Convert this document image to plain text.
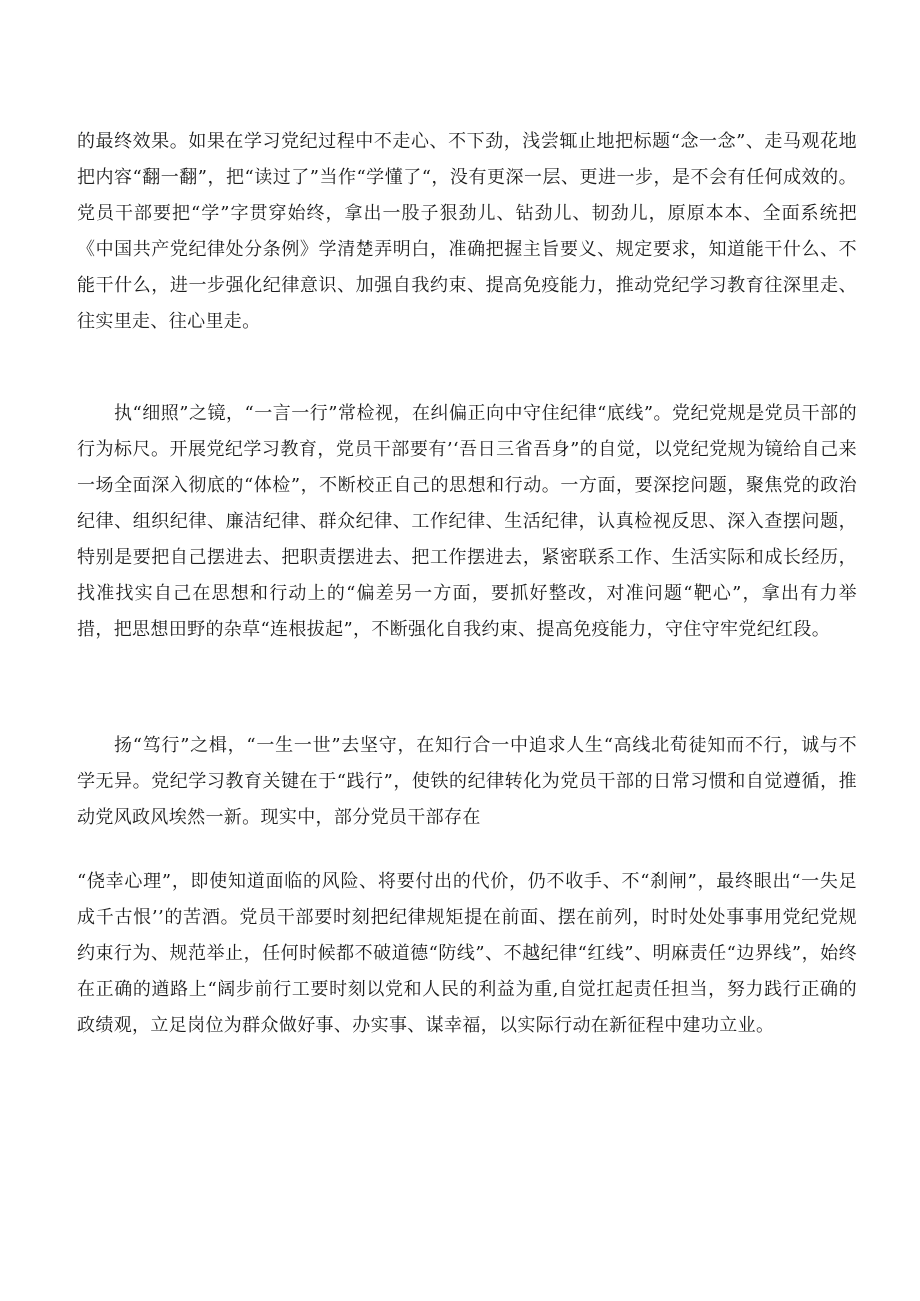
的最终效果。如果在学习党纪过程中不走心、不下劲，浅尝辄止地把标题“念一念”、走马观花地把内容“翻一翻”，把“读过了”当作“学懂了“，没有更深一层、更进一步，是不会有任何成效的。党员干部要把“学”字贯穿始终，拿出一股子狠劲儿、钻劲儿、韧劲儿，原原本本、全面系统把《中国共产党纪律处分条例》学清楚弄明白，准确把握主旨要义、规定要求，知道能干什么、不能干什么，进一步强化纪律意识、加强自我约束、提高免疫能力，推动党纪学习教育往深里走、往实里走、往心里走。

执“细照”之镜，“一言一行”常检视，在纠偏正向中守住纪律“底线”。党纪党规是党员干部的行为标尺。开展党纪学习教育，党员干部要有’‘吾日三省吾身”的自觉，以党纪党规为镜给自己来一场全面深入彻底的“体检”，不断校正自己的思想和行动。一方面，要深挖问题，聚焦党的政治纪律、组织纪律、廉洁纪律、群众纪律、工作纪律、生活纪律，认真检视反思、深入查摆问题，特别是要把自己摆进去、把职责摆进去、把工作摆进去，紧密联系工作、生活实际和成长经历，找准找实自己在思想和行动上的“偏差另一方面，要抓好整改，对准问题“靶心”，拿出有力举措，把思想田野的杂草“连根拔起”，不断强化自我约束、提高免疫能力，守住守牢党纪红段。

扬“笃行”之楫，“一生一世”去坚守，在知行合一中追求人生“高线北荀徒知而不行，诚与不学无异。党纪学习教育关键在于“践行”，使铁的纪律转化为党员干部的日常习惯和自觉遵循，推动党风政风埃然一新。现实中，部分党员干部存在

“侥幸心理”，即使知道面临的风险、将要付出的代价，仍不收手、不“刹闸”，最终眼出“一失足成千古恨’’的苦酒。党员干部要时刻把纪律规矩提在前面、摆在前列，时时处处事事用党纪党规约束行为、规范举止，任何时候都不破道德“防线”、不越纪律“红线”、明麻责任“边界线”，始终在正确的遒路上“阔步前行工要时刻以党和人民的利益为重,自觉扛起责任担当，努力践行正确的政绩观，立足岗位为群众做好事、办实事、谋幸福，以实际行动在新征程中建功立业。
